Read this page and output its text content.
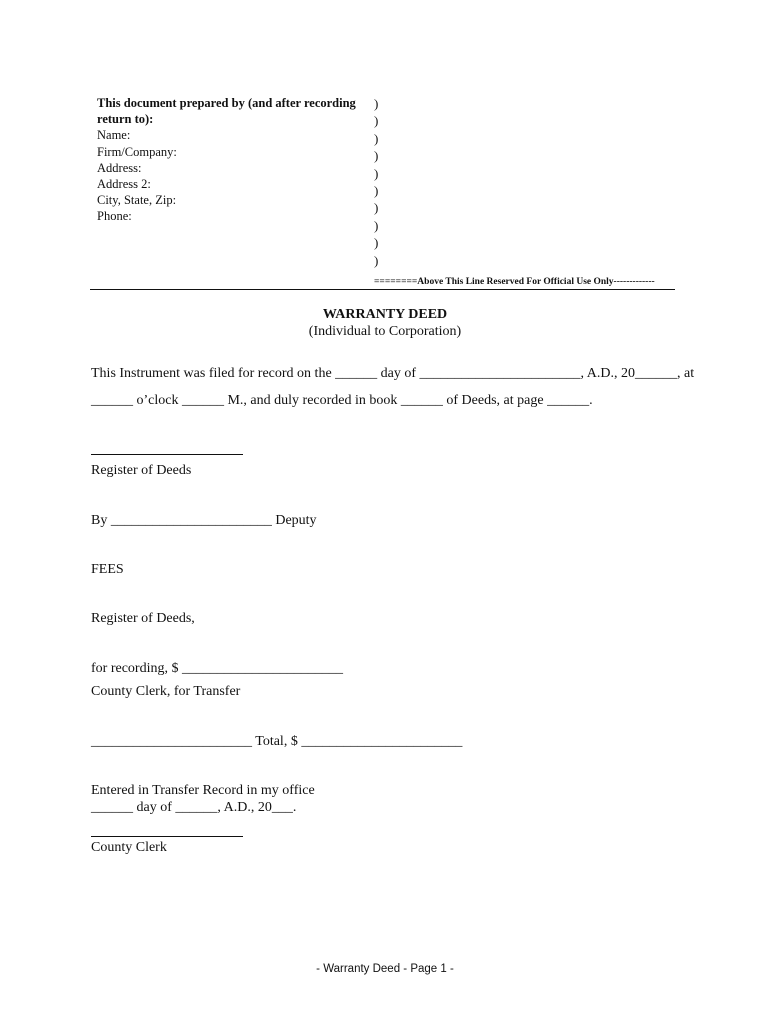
This document prepared by (and after recording
return to):
Name:
Firm/Company:
Address:
Address 2:
City, State, Zip:
Phone:
)
)
)
)
)
)
)
)
)
)
========Above This Line Reserved For Official Use Only-------------
WARRANTY DEED
(Individual to Corporation)
This Instrument was filed for record on the ______ day of _______________________, A.D., 20______, at
______ o’clock ______ M., and duly recorded in book ______ of Deeds, at page ______.
Register of Deeds
By _______________________ Deputy
FEES
Register of Deeds,
for recording, $ _______________________
County Clerk, for Transfer
_______________________ Total, $ _______________________
Entered in Transfer Record in my office
______ day of ______, A.D., 20___.
County Clerk
- Warranty Deed - Page 1 -
